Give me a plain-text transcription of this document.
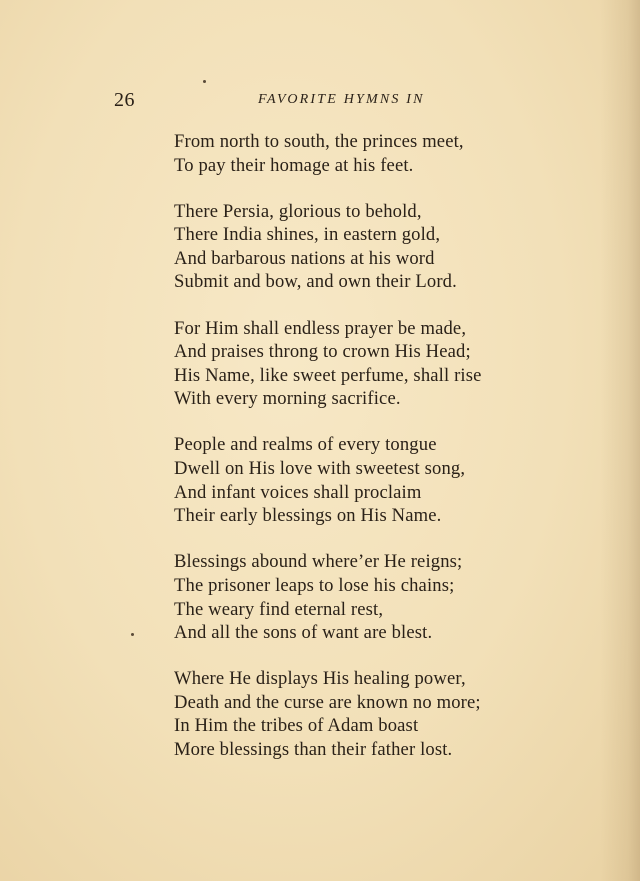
26	FAVORITE HYMNS IN
From north to south, the princes meet,
To pay their homage at his feet.
There Persia, glorious to behold,
There India shines, in eastern gold,
And barbarous nations at his word
Submit and bow, and own their Lord.
For Him shall endless prayer be made,
And praises throng to crown His Head;
His Name, like sweet perfume, shall rise
With every morning sacrifice.
People and realms of every tongue
Dwell on His love with sweetest song,
And infant voices shall proclaim
Their early blessings on His Name.
Blessings abound where’er He reigns;
The prisoner leaps to lose his chains;
The weary find eternal rest,
And all the sons of want are blest.
Where He displays His healing power,
Death and the curse are known no more;
In Him the tribes of Adam boast
More blessings than their father lost.
